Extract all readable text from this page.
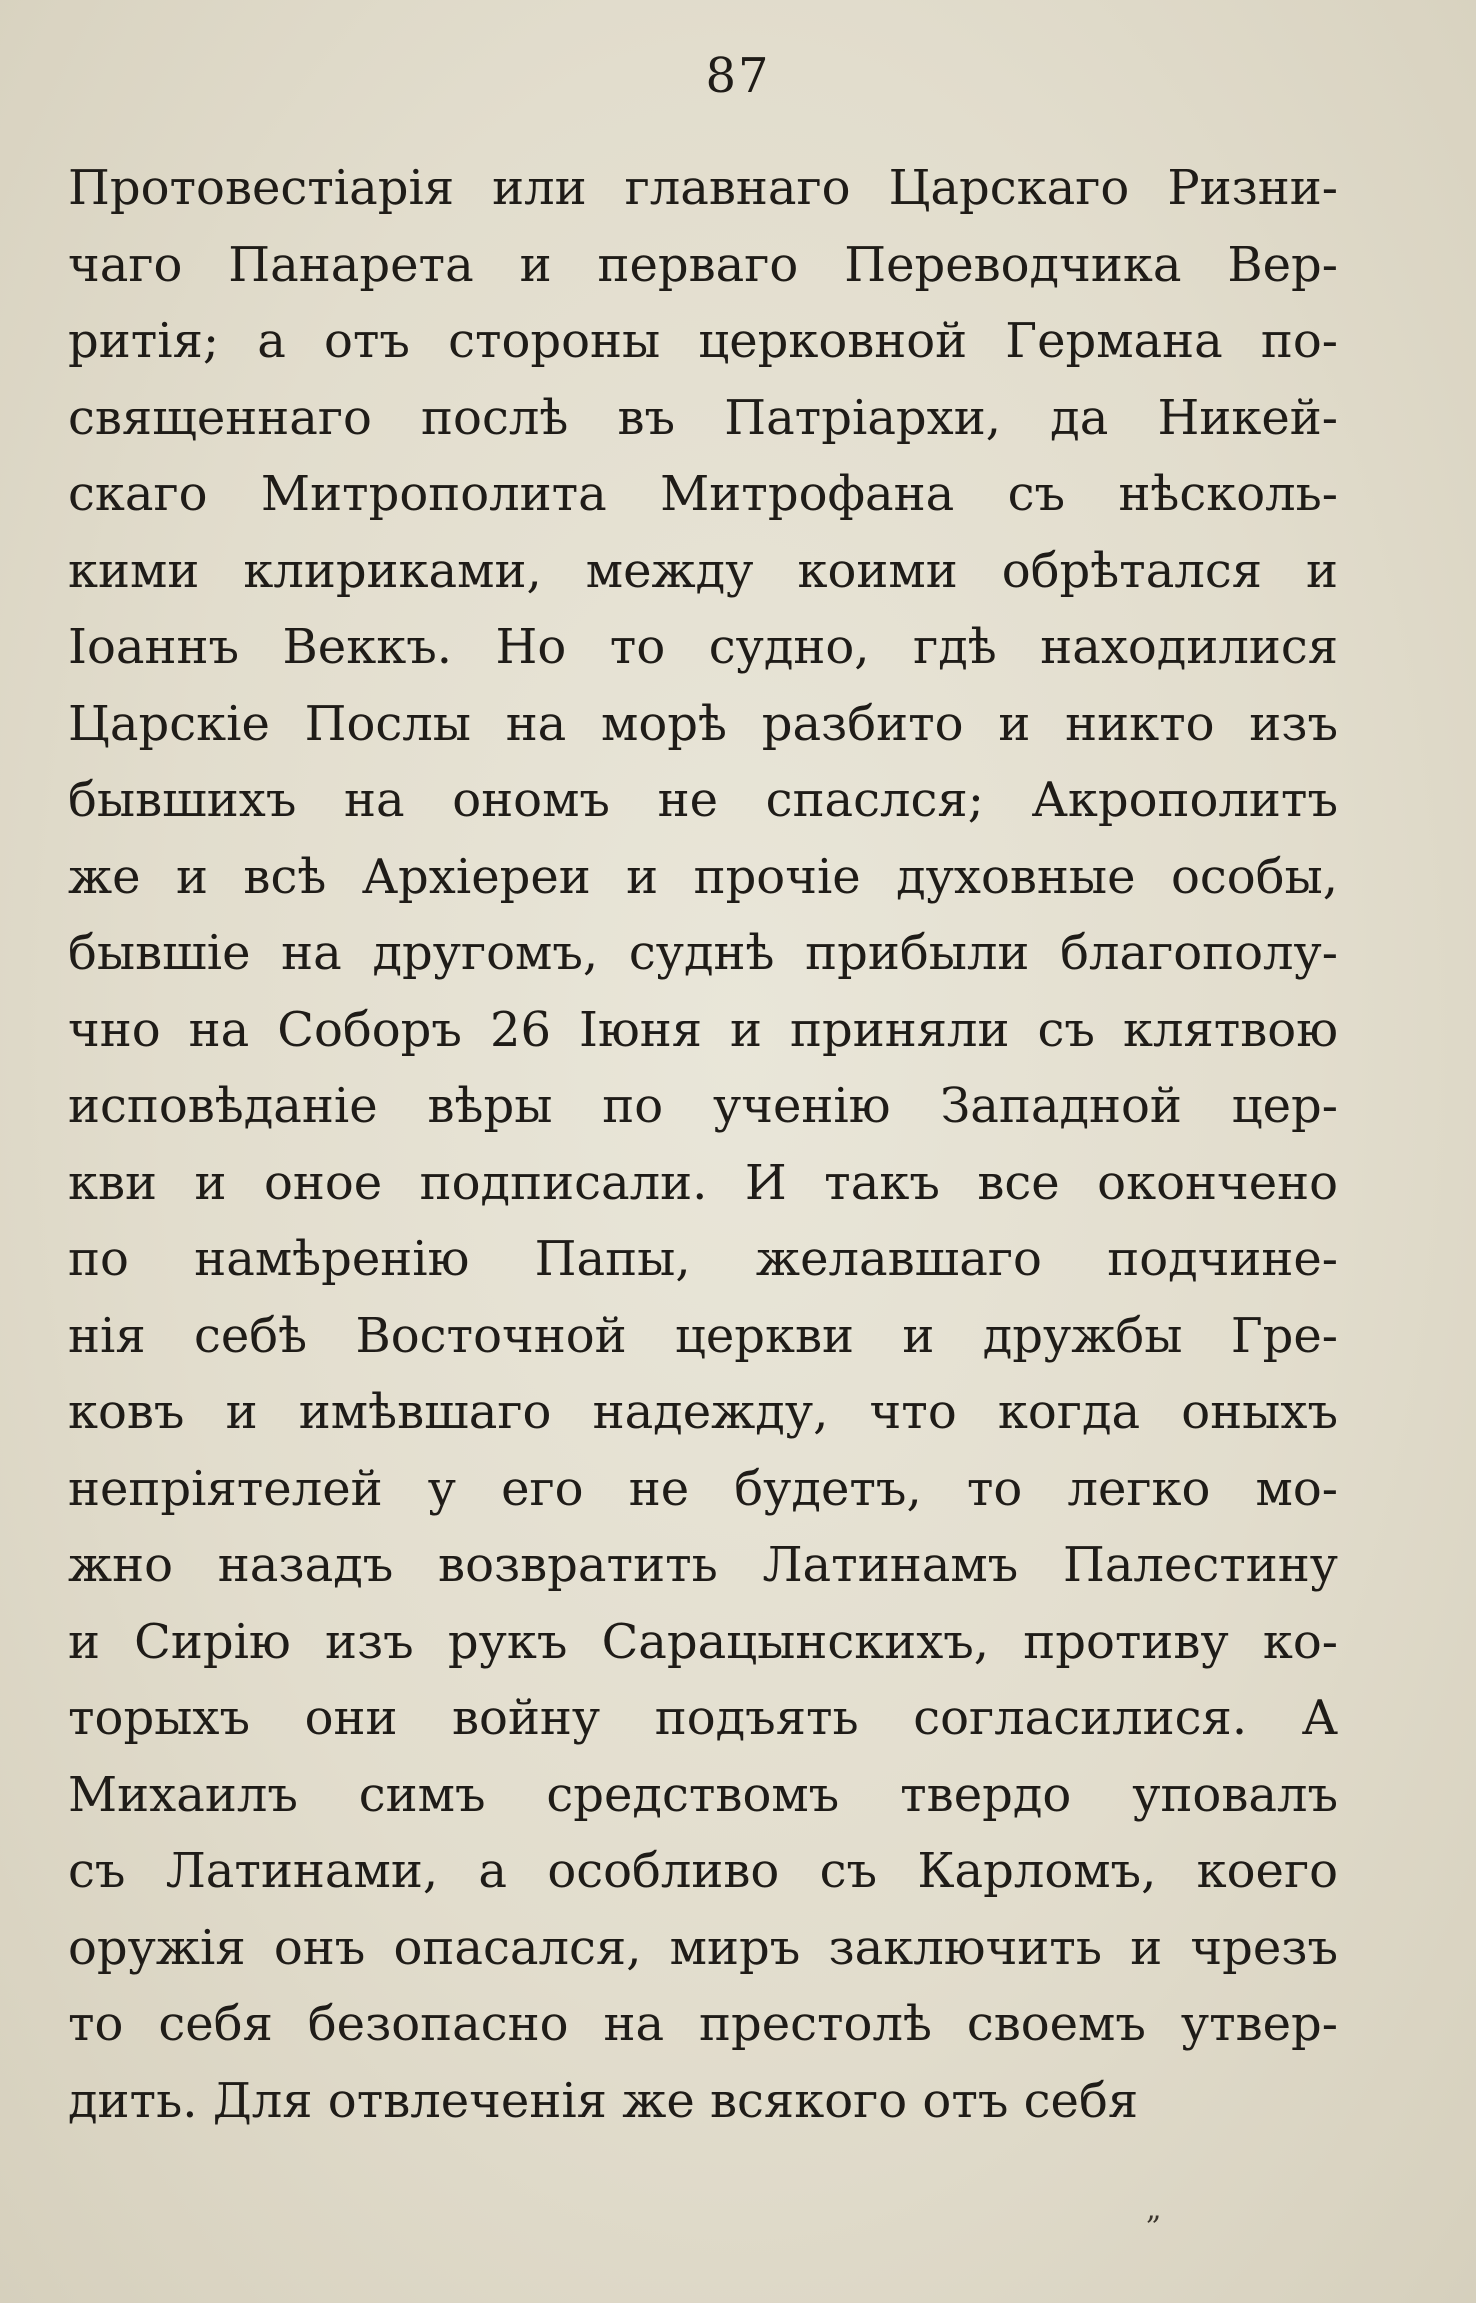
87
Протовестіарія или главнаго Царскаго Ризни-
чаго Панарета и перваго Переводчика Вер-
ритія; а отъ стороны церковной Германа по-
священнаго послѣ въ Патріархи, да Никей-
скаго Митрополита Митрофана съ нѣсколь-
кими клириками, между коими обрѣтался и
Іоаннъ Веккъ. Но то судно, гдѣ находилися
Царскіе Послы на морѣ разбито и никто изъ
бывшихъ на ономъ не спаслся; Акрополитъ
же и всѣ Архіереи и прочіе духовные особы,
бывшіе на другомъ, суднѣ прибыли благополу-
чно на Соборъ 26 Іюня и приняли съ клятвою
исповѣданіе вѣры по ученію Западной цер-
кви и оное подписали. И такъ все окончено
по намѣренію Папы, желавшаго подчине-
нія себѣ Восточной церкви и дружбы Гре-
ковъ и имѣвшаго надежду, что когда оныхъ
непріятелей у его не будетъ, то легко мо-
жно назадъ возвратить Латинамъ Палестину
и Сирію изъ рукъ Сарацынскихъ, противу ко-
торыхъ они войну подъять согласилися. А
Михаилъ симъ средствомъ твердо уповалъ
съ Латинами, а особливо съ Карломъ, коего
оружія онъ опасался, миръ заключить и чрезъ
то себя безопасно на престолѣ своемъ утвер-
дить. Для отвлеченія же всякого отъ себя
„
